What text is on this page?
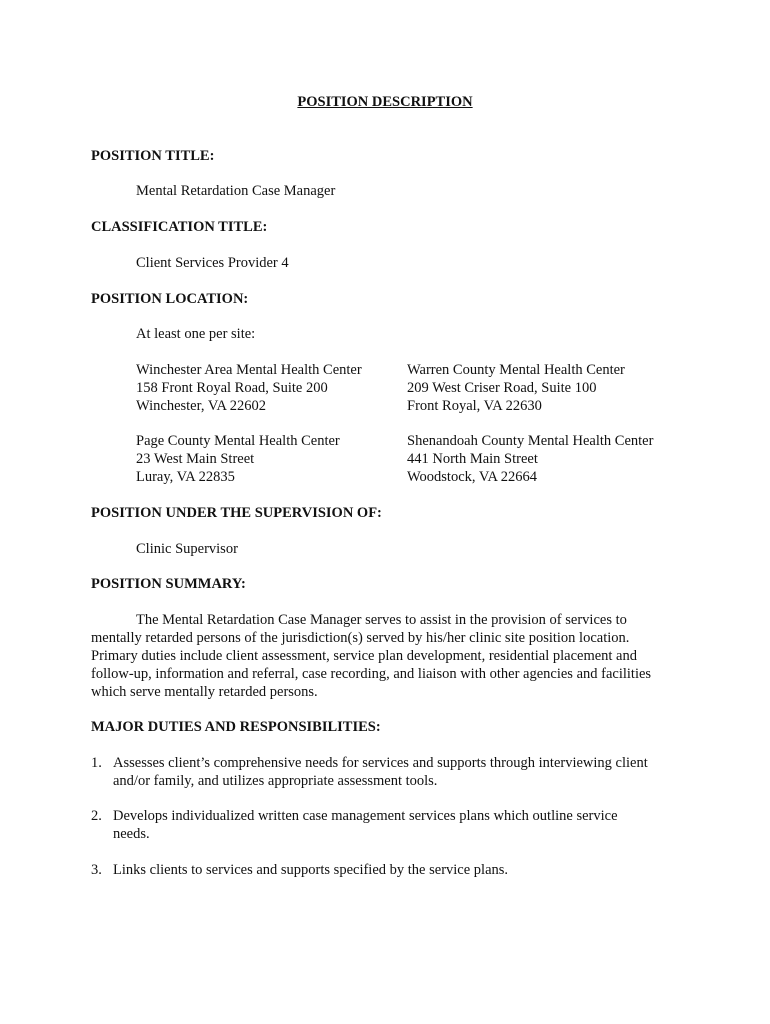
POSITION DESCRIPTION
POSITION TITLE:
Mental Retardation Case Manager
CLASSIFICATION TITLE:
Client Services Provider 4
POSITION LOCATION:
At least one per site:
Winchester Area Mental Health Center
158 Front Royal Road, Suite 200
Winchester, VA 22602
Warren County Mental Health Center
209 West Criser Road, Suite 100
Front Royal, VA 22630
Page County Mental Health Center
23 West Main Street
Luray, VA 22835
Shenandoah County Mental Health Center
441 North Main Street
Woodstock, VA 22664
POSITION UNDER THE SUPERVISION OF:
Clinic Supervisor
POSITION SUMMARY:
The Mental Retardation Case Manager serves to assist in the provision of services to
mentally retarded persons of the jurisdiction(s) served by his/her clinic site position location.
Primary duties include client assessment, service plan development, residential placement and
follow-up, information and referral, case recording, and liaison with other agencies and facilities
which serve mentally retarded persons.
MAJOR DUTIES AND RESPONSIBILITIES:
1. Assesses client’s comprehensive needs for services and supports through interviewing client
and/or family, and utilizes appropriate assessment tools.
2. Develops individualized written case management services plans which outline service
needs.
3. Links clients to services and supports specified by the service plans.
